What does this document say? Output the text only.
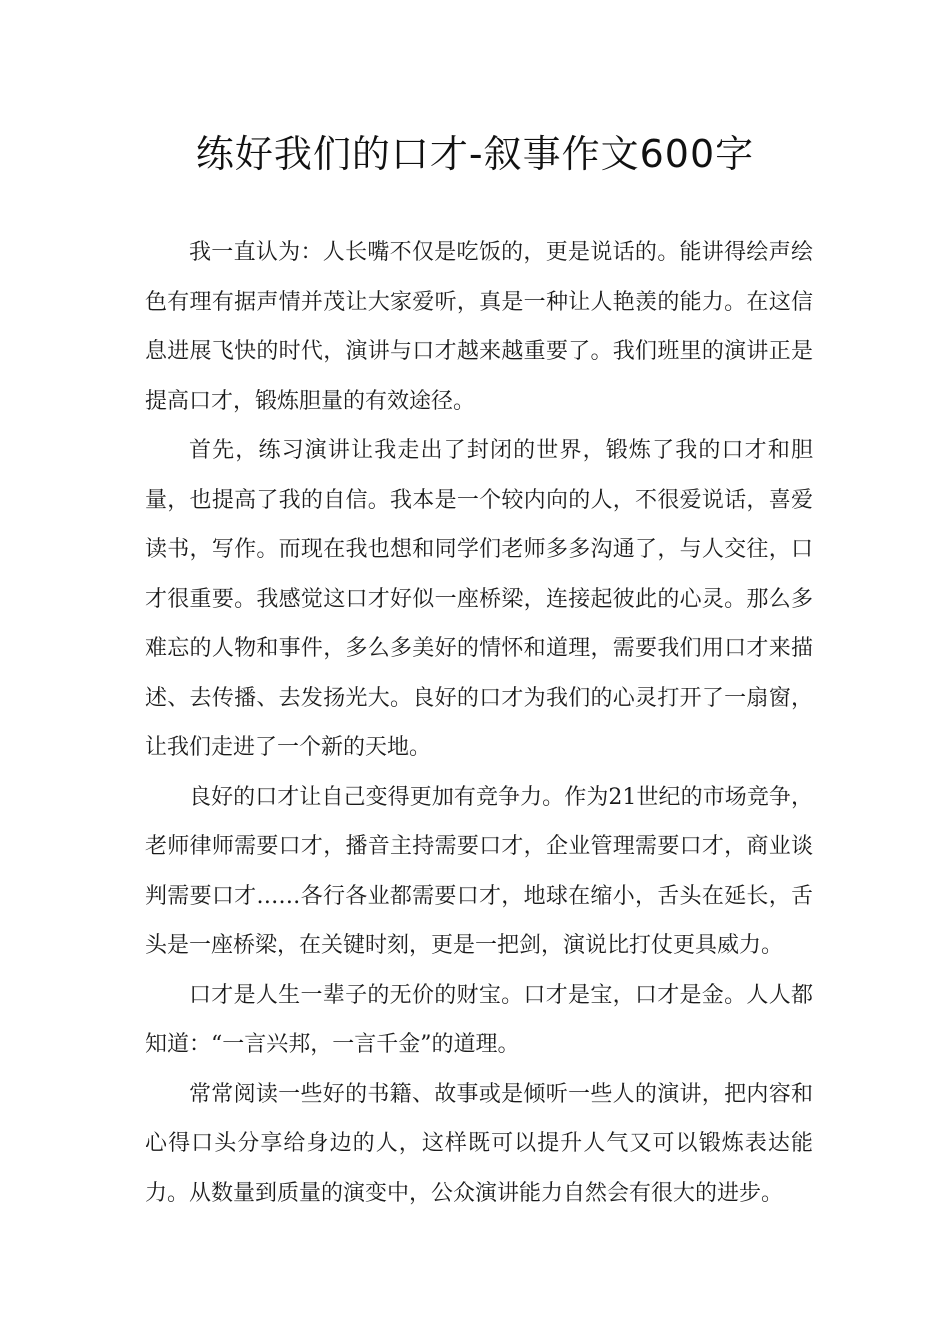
练好我们的口才-叙事作文600字

我一直认为：人长嘴不仅是吃饭的，更是说话的。能讲得绘声绘色有理有据声情并茂让大家爱听，真是一种让人艳羡的能力。在这信息进展飞快的时代，演讲与口才越来越重要了。我们班里的演讲正是提高口才，锻炼胆量的有效途径。

首先，练习演讲让我走出了封闭的世界，锻炼了我的口才和胆量，也提高了我的自信。我本是一个较内向的人，不很爱说话，喜爱读书，写作。而现在我也想和同学们老师多多沟通了，与人交往，口才很重要。我感觉这口才好似一座桥梁，连接起彼此的心灵。那么多难忘的人物和事件，多么多美好的情怀和道理，需要我们用口才来描述、去传播、去发扬光大。良好的口才为我们的心灵打开了一扇窗，让我们走进了一个新的天地。

良好的口才让自己变得更加有竞争力。作为21世纪的市场竞争，老师律师需要口才，播音主持需要口才，企业管理需要口才，商业谈判需要口才……各行各业都需要口才，地球在缩小，舌头在延长，舌头是一座桥梁，在关键时刻，更是一把剑，演说比打仗更具威力。

口才是人生一辈子的无价的财宝。口才是宝，口才是金。人人都知道：“一言兴邦，一言千金”的道理。

常常阅读一些好的书籍、故事或是倾听一些人的演讲，把内容和心得口头分享给身边的人，这样既可以提升人气又可以锻炼表达能力。从数量到质量的演变中，公众演讲能力自然会有很大的进步。
